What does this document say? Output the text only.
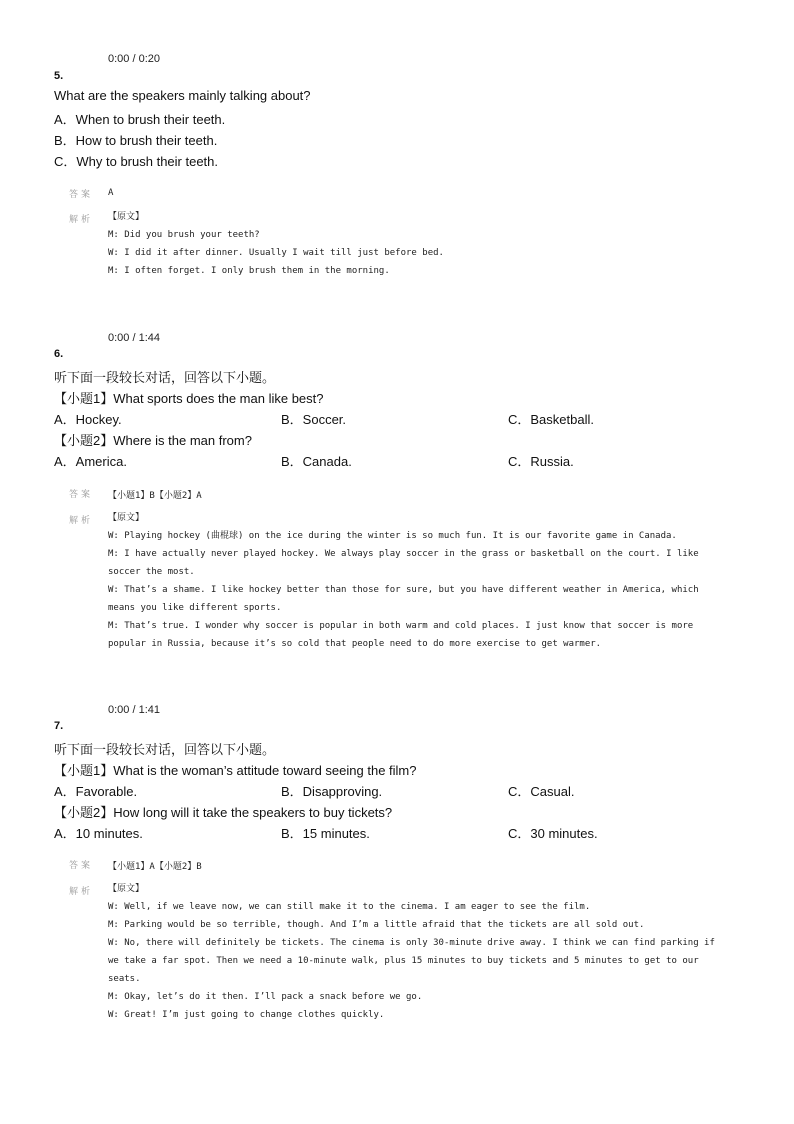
0:00 / 0:20
5.
What are the speakers mainly talking about?
A．When to brush their teeth.
B．How to brush their teeth.
C．Why to brush their teeth.
答案 A
解析 【原文】

M: Did you brush your teeth?

W: I did it after dinner. Usually I wait till just before bed.

M: I often forget. I only brush them in the morning.

0:00 / 1:44
6.
听下面一段较长对话，回答以下小题。
【小题1】What sports does the man like best?
A．Hockey.	B．Soccer.	C．Basketball.
【小题2】Where is the man from?
A．America.	B．Canada.	C．Russia.
答案 【小题1】B【小题2】A
解析 【原文】

W: Playing hockey (曲棍球) on the ice during the winter is so much fun. It is our favorite game in Canada.

M: I have actually never played hockey. We always play soccer in the grass or basketball on the court. I like soccer the most.

W: That’s a shame. I like hockey better than those for sure, but you have different weather in America, which means you like different sports.

M: That’s true. I wonder why soccer is popular in both warm and cold places. I just know that soccer is more popular in Russia, because it’s so cold that people need to do more exercise to get warmer.

0:00 / 1:41
7.
听下面一段较长对话，回答以下小题。
【小题1】What is the woman’s attitude toward seeing the film?
A．Favorable.	B．Disapproving.	C．Casual.
【小题2】How long will it take the speakers to buy tickets?
A．10 minutes.	B．15 minutes.	C．30 minutes.
答案 【小题1】A【小题2】B
解析 【原文】

W: Well, if we leave now, we can still make it to the cinema. I am eager to see the film.

M: Parking would be so terrible, though. And I’m a little afraid that the tickets are all sold out.

W: No, there will definitely be tickets. The cinema is only 30-minute drive away. I think we can find parking if we take a far spot. Then we need a 10-minute walk, plus 15 minutes to buy tickets and 5 minutes to get to our seats.

M: Okay, let’s do it then. I’ll pack a snack before we go.

W: Great! I’m just going to change clothes quickly.
